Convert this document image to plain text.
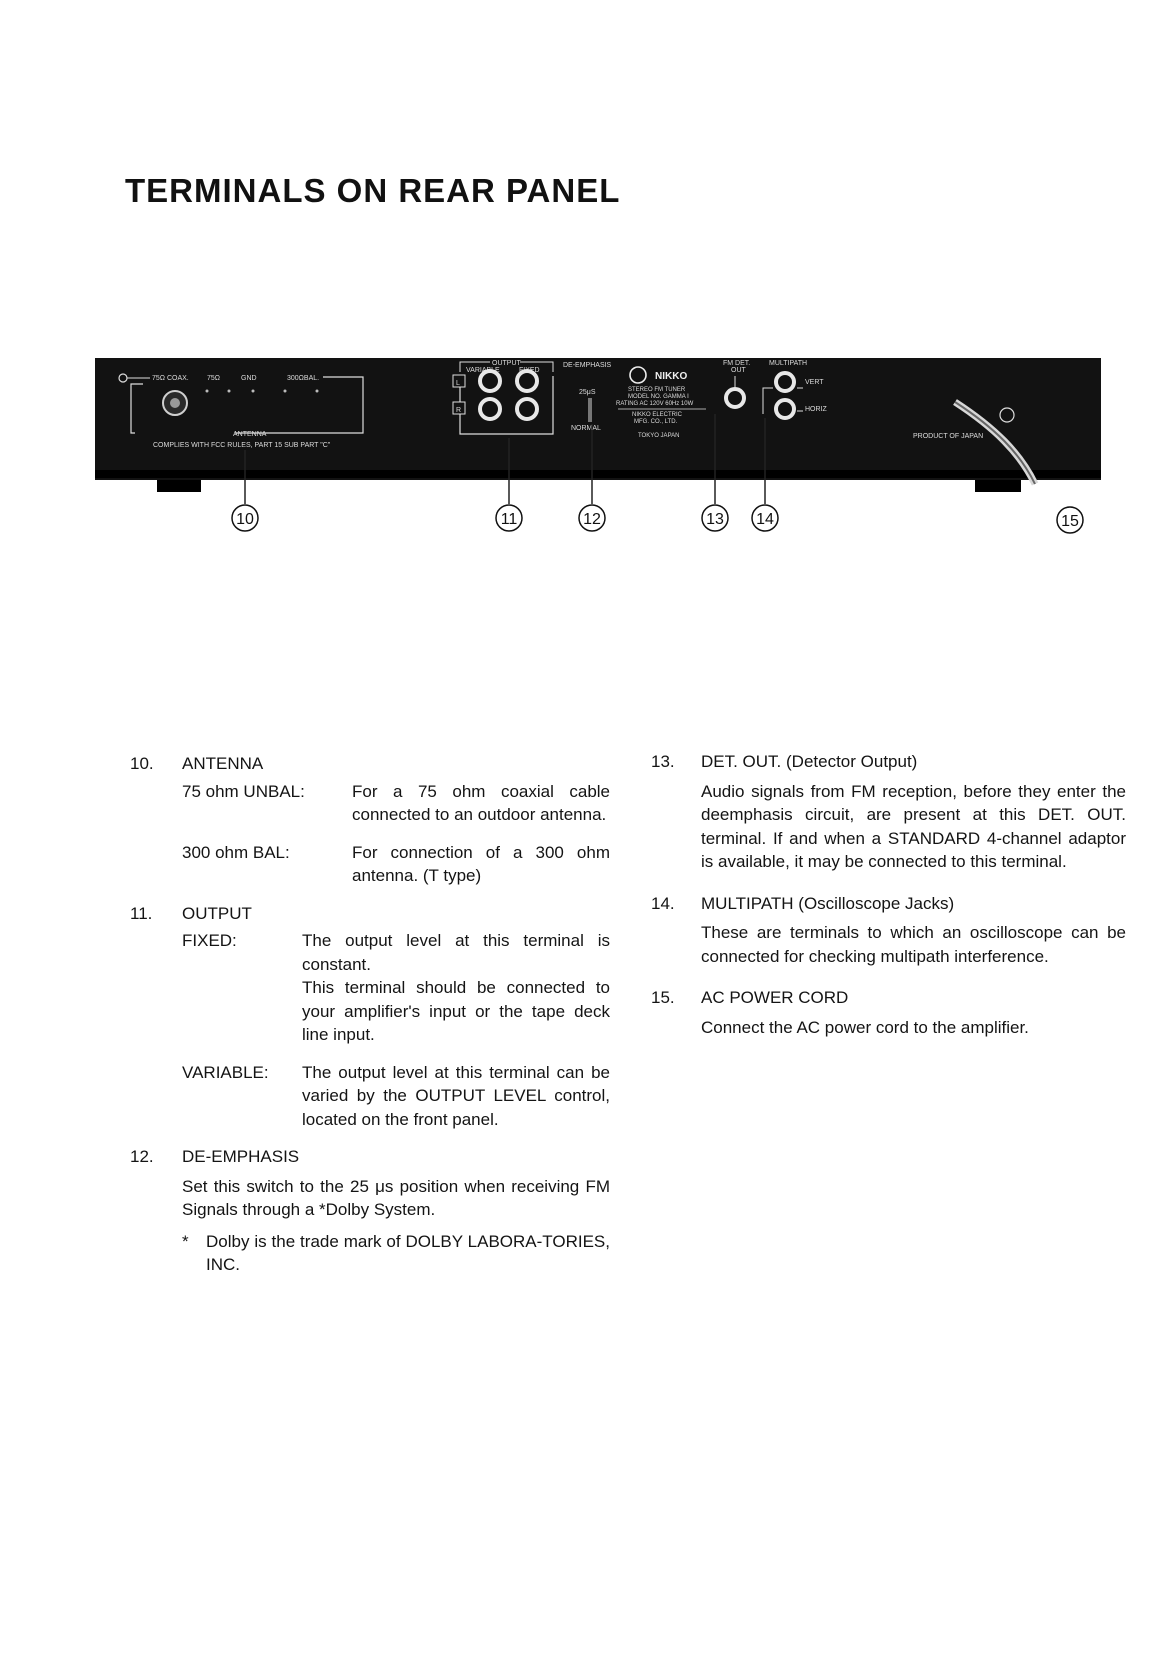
TERMINALS ON REAR PANEL
75Ω COAX.	75Ω	GND	300ΩBAL.
ANTENNA
COMPLIES WITH FCC RULES, PART 15 SUB PART "C"
OUTPUT
VARIABLE	FIXED
L
R
DE-EMPHASIS
25μS
NORMAL
NIKKO
STEREO FM TUNER
MODEL NO. GAMMA I
RATING AC 120V 60Hz 10W
NIKKO ELECTRIC
MFG. CO., LTD.
TOKYO JAPAN
FM DET.
OUT
MULTIPATH
VERT
HORIZ
PRODUCT OF JAPAN
10	11	12	13 14	15
10. ANTENNA
75 ohm UNBAL:	For a 75 ohm coaxial cable connected to an outdoor antenna.
300 ohm BAL:	For connection of a 300 ohm antenna. (T type)
11. OUTPUT
FIXED:	The output level at this terminal is constant.
This terminal should be connected to your amplifier's input or the tape deck line input.
VARIABLE:	The output level at this terminal can be varied by the OUTPUT LEVEL control, located on the front panel.
12. DE-EMPHASIS
Set this switch to the 25 μs position when receiving FM Signals through a *Dolby System.
*	Dolby is the trade mark of DOLBY LABORA-TORIES, INC.
13. DET. OUT. (Detector Output)
Audio signals from FM reception, before they enter the deemphasis circuit, are present at this DET. OUT. terminal. If and when a STANDARD 4-channel adaptor is available, it may be connected to this terminal.
14. MULTIPATH (Oscilloscope Jacks)
These are terminals to which an oscilloscope can be connected for checking multipath interference.
15. AC POWER CORD
Connect the AC power cord to the amplifier.
